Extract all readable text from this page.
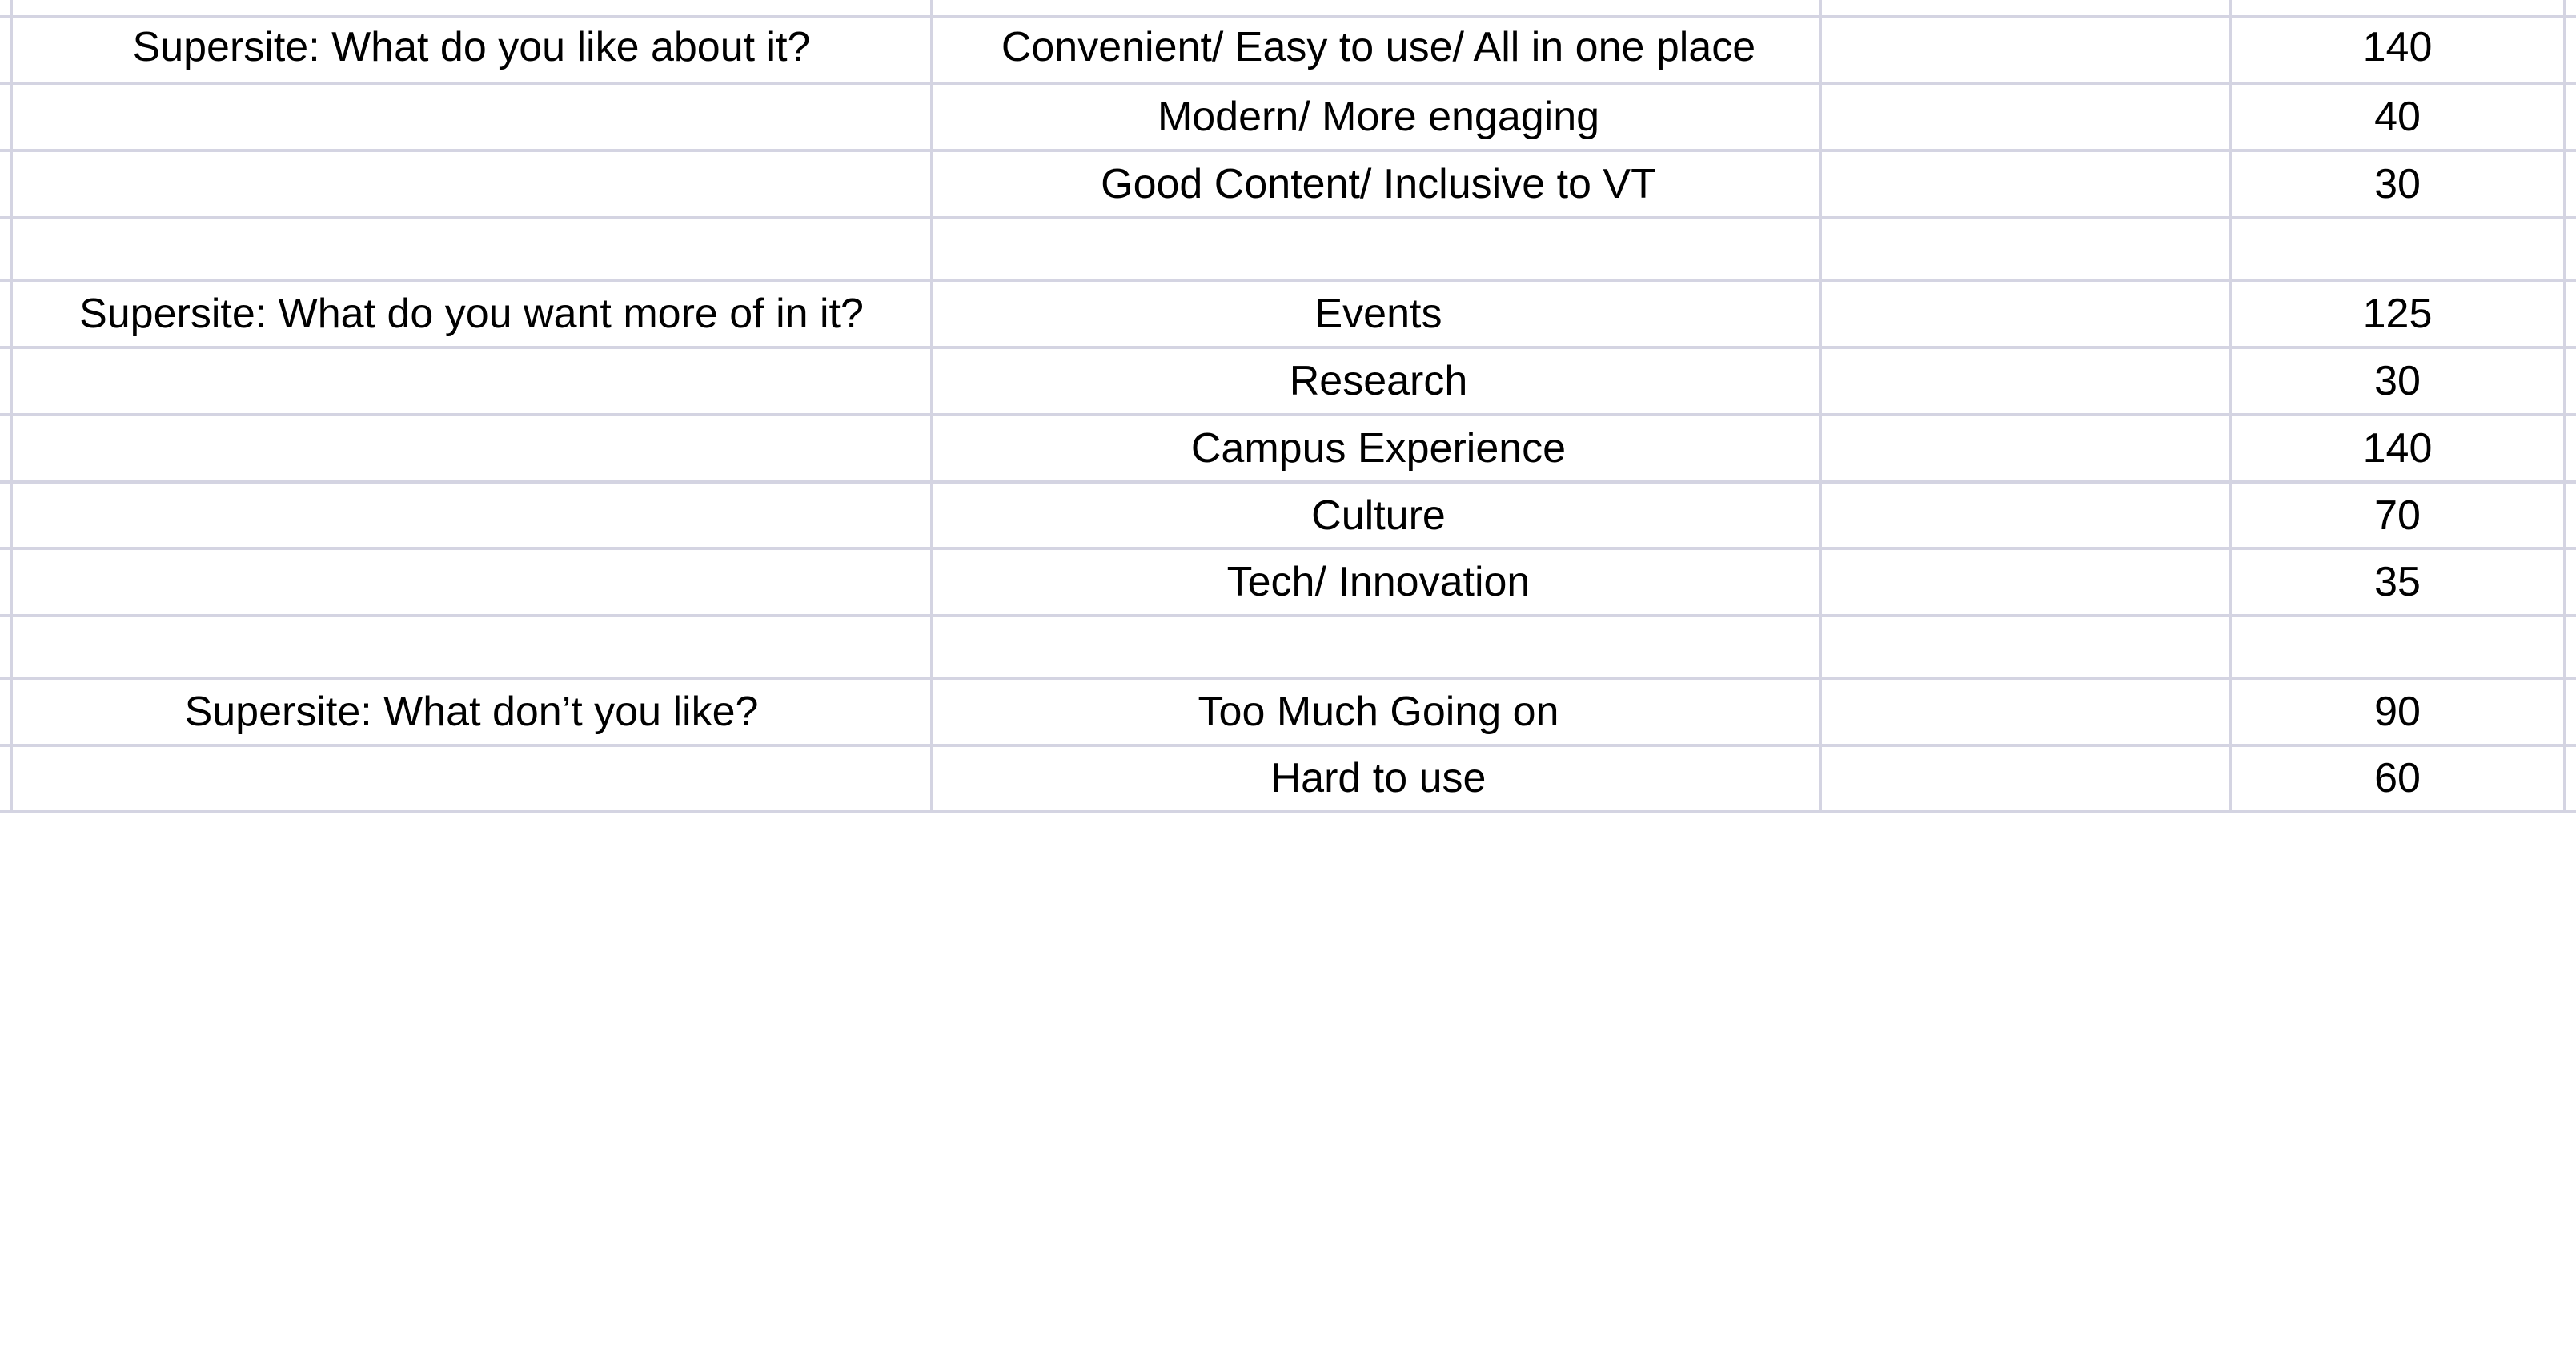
Supersite: What do you like about it?	Convenient/ Easy to use/ All in one place	140
Modern/ More engaging	40
Good Content/ Inclusive to VT	30
Supersite: What do you want more of in it?	Events	125
Research	30
Campus Experience	140
Culture	70
Tech/ Innovation	35
Supersite: What don’t you like?	Too Much Going on	90
Hard to use	60
